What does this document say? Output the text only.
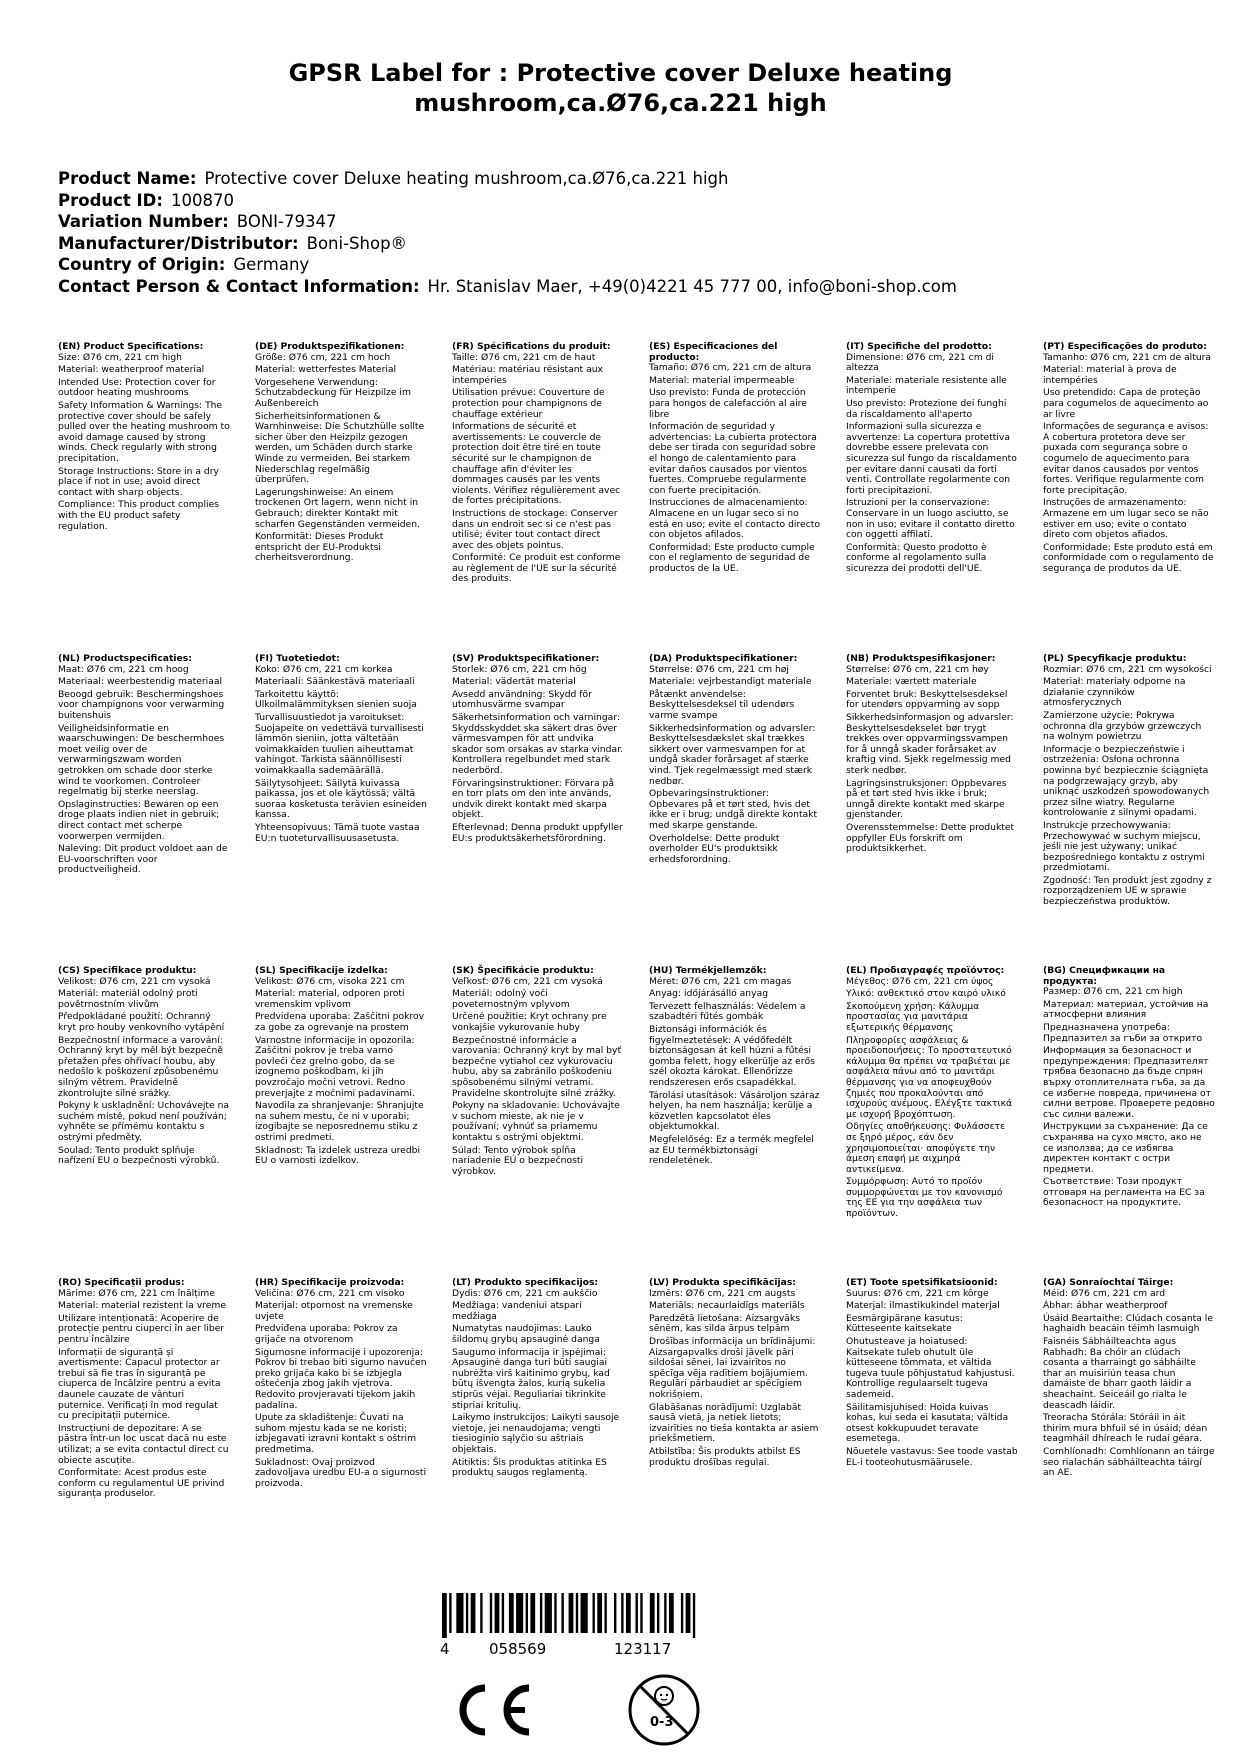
GPSR Label for : Protective cover Deluxe heating
mushroom,ca.Ø76,ca.221 high
Product Name: Protective cover Deluxe heating mushroom,ca.Ø76,ca.221 high
Product ID: 100870
Variation Number: BONI-79347
Manufacturer/Distributor: Boni-Shop®
Country of Origin: Germany
Contact Person & Contact Information: Hr. Stanislav Maer, +49(0)4221 45 777 00, info@boni-shop.com
(EN) Product Specifications:

Size: Ø76 cm, 221 cm high

Material: weatherproof material

Intended Use: Protection cover for outdoor heating mushrooms

Safety Information & Warnings: The protective cover should be safely pulled over the heating mushroom to avoid damage caused by strong winds. Check regularly with strong precipitation.

Storage Instructions: Store in a dry place if not in use; avoid direct contact with sharp objects.

Compliance: This product complies with the EU product safety regulation.

(DE) Produktspezifikationen:

Größe: Ø76 cm, 221 cm hoch

Material: wetterfestes Material

Vorgesehene Verwendung: Schutzabdeckung für Heizpilze im Außenbereich

Sicherheitsinformationen & Warnhinweise: Die Schutzhülle sollte sicher über den Heizpilz gezogen werden, um Schäden durch starke Winde zu vermeiden. Bei starkem Niederschlag regelmäßig überprüfen.

Lagerungshinweise: An einem trockenen Ort lagern, wenn nicht in Gebrauch; direkter Kontakt mit scharfen Gegenständen vermeiden.

Konformität: Dieses Produkt entspricht der EU-Produktsi cherheitsverordnung.

(FR) Spécifications du produit:

Taille: Ø76 cm, 221 cm de haut

Matériau: matériau résistant aux intempéries

Utilisation prévue: Couverture de protection pour champignons de chauffage extérieur

Informations de sécurité et avertissements: Le couvercle de protection doit être tiré en toute sécurité sur le champignon de chauffage afin d'éviter les dommages causés par les vents violents. Vérifiez régulièrement avec de fortes précipitations.

Instructions de stockage: Conserver dans un endroit sec si ce n'est pas utilisé; éviter tout contact direct avec des objets pointus.

Conformité: Ce produit est conforme au règlement de l'UE sur la sécurité des produits.

(ES) Especificaciones del producto:

Tamaño: Ø76 cm, 221 cm de altura

Material: material impermeable

Uso previsto: Funda de protección para hongos de calefacción al aire libre

Información de seguridad y advertencias: La cubierta protectora debe ser tirada con seguridad sobre el hongo de calentamiento para evitar daños causados por vientos fuertes. Compruebe regularmente con fuerte precipitación.

Instrucciones de almacenamiento: Almacene en un lugar seco si no está en uso; evite el contacto directo con objetos afilados.

Conformidad: Este producto cumple con el reglamento de seguridad de productos de la UE.

(IT) Specifiche del prodotto:

Dimensione: Ø76 cm, 221 cm di altezza

Materiale: materiale resistente alle intemperie

Uso previsto: Protezione dei funghi da riscaldamento all'aperto

Informazioni sulla sicurezza e avvertenze: La copertura protettiva dovrebbe essere prelevata con sicurezza sul fungo da riscaldamento per evitare danni causati da forti venti. Controllate regolarmente con forti precipitazioni.

Istruzioni per la conservazione: Conservare in un luogo asciutto, se non in uso; evitare il contatto diretto con oggetti affilati.

Conformità: Questo prodotto è conforme al regolamento sulla sicurezza dei prodotti dell'UE.

(PT) Especificações do produto:

Tamanho: Ø76 cm, 221 cm de altura

Material: material à prova de intempéries

Uso pretendido: Capa de proteção para cogumelos de aquecimento ao ar livre

Informações de segurança e avisos: A cobertura protetora deve ser puxada com segurança sobre o cogumelo de aquecimento para evitar danos causados por ventos fortes. Verifique regularmente com forte precipitação.

Instruções de armazenamento: Armazene em um lugar seco se não estiver em uso; evite o contato direto com objetos afiados.

Conformidade: Este produto está em conformidade com o regulamento de segurança de produtos da UE.

(NL) Productspecificaties:

Maat: Ø76 cm, 221 cm hoog

Materiaal: weerbestendig materiaal

Beoogd gebruik: Beschermingshoes voor champignons voor verwarming buitenshuis

Veiligheidsinformatie en waarschuwingen: De beschermhoes moet veilig over de verwarmingszwam worden getrokken om schade door sterke wind te voorkomen. Controleer regelmatig bij sterke neerslag.

Opslaginstructies: Bewaren op een droge plaats indien niet in gebruik; direct contact met scherpe voorwerpen vermijden.

Naleving: Dit product voldoet aan de EU-voorschriften voor productveiligheid.

(FI) Tuotetiedot:

Koko: Ø76 cm, 221 cm korkea

Materiaali: Säänkestävä materiaali

Tarkoitettu käyttö: Ulkoilmalämmityksen sienien suoja

Turvallisuustiedot ja varoitukset: Suojapeite on vedettävä turvallisesti lämmön sieniin, jotta vältetään voimakkaiden tuulien aiheuttamat vahingot. Tarkista säännöllisesti voimakkaalla sademäärällä.

Säilytysohjeet: Säilytä kuivassa paikassa, jos et ole käytössä; vältä suoraa kosketusta terävien esineiden kanssa.

Yhteensopivuus: Tämä tuote vastaa EU:n tuoteturvallisuusasetusta.

(SV) Produktspecifikationer:

Storlek: Ø76 cm, 221 cm hög

Material: vädertät material

Avsedd användning: Skydd för utomhusvärme svampar

Säkerhetsinformation och varningar: Skyddsskyddet ska säkert dras över värmesvampen för att undvika skador som orsakas av starka vindar. Kontrollera regelbundet med stark nederbörd.

Förvaringsinstruktioner: Förvara på en torr plats om den inte används, undvik direkt kontakt med skarpa objekt.

Efterlevnad: Denna produkt uppfyller EU:s produktsäkerhetsförordning.

(DA) Produktspecifikationer:

Størrelse: Ø76 cm, 221 cm høj

Materiale: vejrbestandigt materiale

Påtænkt anvendelse: Beskyttelsesdeksel til udendørs varme svampe

Sikkerhedsinformation og advarsler: Beskyttelsesdækslet skal trækkes sikkert over varmesvampen for at undgå skader forårsaget af stærke vind. Tjek regelmæssigt med stærk nedbør.

Opbevaringsinstruktioner: Opbevares på et tørt sted, hvis det ikke er i brug; undgå direkte kontakt med skarpe genstande.

Overholdelse: Dette produkt overholder EU's produktsikk erhedsforordning.

(NB) Produktspesifikasjoner:

Størrelse: Ø76 cm, 221 cm høy

Materiale: værtett materiale

Forventet bruk: Beskyttelsesdeksel for utendørs oppvarming av sopp

Sikkerhedsinformasjon og advarsler: Beskyttelsesdekselet bør trygt trekkes over oppvarmingssvampen for å unngå skader forårsaket av kraftig vind. Sjekk regelmessig med sterk nedbør.

Lagringsinstruksjoner: Oppbevares på et tørt sted hvis ikke i bruk; unngå direkte kontakt med skarpe gjenstander.

Overensstemmelse: Dette produktet oppfyller EUs forskrift om produktsikkerhet.

(PL) Specyfikacje produktu:

Rozmiar: Ø76 cm, 221 cm wysokości

Materiał: materiały odporne na działanie czynników atmosferycznych

Zamierzone użycie: Pokrywa ochronna dla grzybów grzewczych na wolnym powietrzu

Informacje o bezpieczeństwie i ostrzeżenia: Osłona ochronna powinna być bezpiecznie ściągnięta na podgrzewający grzyb, aby uniknąć uszkodzeń spowodowanych przez silne wiatry. Regularne kontrolowanie z silnymi opadami.

Instrukcje przechowywania: Przechowywać w suchym miejscu, jeśli nie jest używany; unikać bezpośredniego kontaktu z ostrymi przedmiotami.

Zgodność: Ten produkt jest zgodny z rozporządzeniem UE w sprawie bezpieczeństwa produktów.

(CS) Specifikace produktu:

Velikost: Ø76 cm, 221 cm vysoká

Materiál: materiál odolný proti povětrnostním vlivům

Předpokládané použití: Ochranný kryt pro houby venkovního vytápění

Bezpečnostní informace a varování: Ochranný kryt by měl být bezpečně přetažen přes ohřívací houbu, aby nedošlo k poškození způsobenému silným větrem. Pravidelně zkontrolujte silné srážky.

Pokyny k uskladnění: Uchovávejte na suchém místě, pokud není používán; vyhněte se přímému kontaktu s ostrými předměty.

Soulad: Tento produkt splňuje nařízení EU o bezpečnosti výrobků.

(SL) Specifikacije izdelka:

Velikost: Ø76 cm, visoka 221 cm

Material: material, odporen proti vremenskim vplivom

Predvidena uporaba: Zaščitni pokrov za gobe za ogrevanje na prostem

Varnostne informacije in opozorila: Zaščitni pokrov je treba varno povleči čez grelno gobo, da se izognemo poškodbam, ki jih povzročajo močni vetrovi. Redno preverjajte z močnimi padavinami.

Navodila za shranjevanje: Shranjujte na suhem mestu, če ni v uporabi; izogibajte se neposrednemu stiku z ostrimi predmeti.

Skladnost: Ta izdelek ustreza uredbi EU o varnosti izdelkov.

(SK) Špecifikácie produktu:

Veľkosť: Ø76 cm, 221 cm vysoká

Materiál: odolný voči poveternostným vplyvom

Určené použitie: Kryt ochrany pre vonkajšie vykurovanie huby

Bezpečnostné informácie a varovania: Ochranný kryt by mal byť bezpečne vytiahol cez vykurovaciu hubu, aby sa zabránilo poškodeniu spôsobenému silnými vetrami. Pravidelne skontrolujte silné zrážky.

Pokyny na skladovanie: Uchovávajte v suchom mieste, ak nie je v používaní; vyhnúť sa priamemu kontaktu s ostrými objektmi.

Súlad: Tento výrobok spĺňa nariadenie EÚ o bezpečnosti výrobkov.

(HU) Termékjellemzők:

Méret: Ø76 cm, 221 cm magas

Anyag: időjárásálló anyag

Tervezett felhasználás: Védelem a szabadtéri fűtés gombák

Biztonsági információk és figyelmeztetések: A védőfedélt biztonságosan át kell húzni a fűtési gomba felett, hogy elkerülje az erős szél okozta károkat. Ellenőrizze rendszeresen erős csapadékkal.

Tárolási utasítások: Vásároljon száraz helyen, ha nem használja; kerülje a közvetlen kapcsolatot éles objektumokkal.

Megfelelőség: Ez a termék megfelel az EU termékbiztonsági rendeletének.

(EL) Προδιαγραφές προϊόντος:

Μέγεθος: Ø76 cm, 221 cm ύψος

Υλικό: ανθεκτικό στον καιρό υλικό

Σκοπούμενη χρήση: Κάλυμμα προστασίας για μανιτάρια εξωτερικής θέρμανσης

Πληροφορίες ασφάλειας & προειδοποιήσεις: Το προστατευτικό κάλυμμα θα πρέπει να τραβιέται με ασφάλεια πάνω από το μανιτάρι θέρμανσης για να αποφευχθούν ζημιές που προκαλούνται από ισχυρούς ανέμους. Ελέγξτε τακτικά με ισχυρή βροχόπτωση.

Οδηγίες αποθήκευσης: Φυλάσσετε σε ξηρό μέρος, εάν δεν χρησιμοποιείται· αποφύγετε την άμεση επαφή με αιχμηρά αντικείμενα.

Συμμόρφωση: Αυτό το προϊόν συμμορφώνεται με τον κανονισμό της ΕΕ για την ασφάλεια των προϊόντων.

(BG) Спецификации на продукта:

Размер: Ø76 cm, 221 cm high

Материал: материал, устойчив на атмосферни влияния

Предназначена употреба: Предпазител за гъби за открито

Информация за безопасност и предупреждения: Предпазителят трябва безопасно да бъде спрян върху отоплителната гъба, за да се избегне повреда, причинена от силни ветрове. Проверете редовно със силни валежи.

Инструкции за съхранение: Да се съхранява на сухо място, ако не се използва; да се избягва директен контакт с остри предмети.

Съответствие: Този продукт отговаря на регламента на ЕС за безопасност на продуктите.

(RO) Specificații produs:

Mărime: Ø76 cm, 221 cm înălțime

Material: material rezistent la vreme

Utilizare intenționată: Acoperire de protecție pentru ciuperci în aer liber pentru încălzire

Informații de siguranță și avertismente: Capacul protector ar trebui să fie tras în siguranță pe ciuperca de încălzire pentru a evita daunele cauzate de vânturi puternice. Verificați în mod regulat cu precipitații puternice.

Instrucțiuni de depozitare: A se păstra într-un loc uscat dacă nu este utilizat; a se evita contactul direct cu obiecte ascuțite.

Conformitate: Acest produs este conform cu regulamentul UE privind siguranța produselor.

(HR) Specifikacije proizvoda:

Veličina: Ø76 cm, 221 cm visoko

Materijal: otpornost na vremenske uvjete

Predviđena uporaba: Pokrov za grijače na otvorenom

Sigurnosne informacije i upozorenja: Pokrov bi trebao biti sigurno navučen preko grijača kako bi se izbjegla oštećenja zbog jakih vjetrova. Redovito provjeravati tijekom jakih padalina.

Upute za skladištenje: Čuvati na suhom mjestu kada se ne koristi; izbjegavati izravni kontakt s oštrim predmetima.

Sukladnost: Ovaj proizvod zadovoljava uredbu EU-a o sigurnosti proizvoda.

(LT) Produkto specifikacijos:

Dydis: Ø76 cm, 221 cm aukščio

Medžiaga: vandeniui atspari medžiaga

Numatytas naudojimas: Lauko šildomų grybų apsauginė danga

Saugumo informacija ir įspėjimai: Apsauginė danga turi būti saugiai nubrėžta virš kaitinimo grybų, kad būtų išvengta žalos, kurią sukelia stiprūs vėjai. Reguliariai tikrinkite stipriai kritulių.

Laikymo instrukcijos: Laikyti sausoje vietoje, jei nenaudojama; vengti tiesioginio sąlyčio su aštriais objektais.

Atitiktis: Šis produktas atitinka ES produktų saugos reglamentą.

(LV) Produkta specifikācijas:

Izmērs: Ø76 cm, 221 cm augsts

Materiāls: necaurlaidīgs materiāls

Paredzētā lietošana: Aizsargvāks sēnēm, kas silda ārpus telpām

Drošības informācija un brīdinājumi: Aizsargapvalks droši jāvelk pāri sildošai sēnei, lai izvairītos no spēcīga vēja radītiem bojājumiem. Regulāri pārbaudiet ar spēcīgiem nokrišņiem.

Glabāšanas norādījumi: Uzglabāt sausā vietā, ja netiek lietots; izvairīties no tieša kontakta ar asiem priekšmetiem.

Atbilstība: Šis produkts atbilst ES produktu drošības regulai.

(ET) Toote spetsifikatsioonid:

Suurus: Ø76 cm, 221 cm kõrge

Materjal: ilmastikukindel materjal

Eesmärgipärane kasutus: Kütteseente kaitsekate

Ohutusteave ja hoiatused: Kaitsekate tuleb ohutult üle kütteseene tõmmata, et vältida tugeva tuule põhjustatud kahjustusi. Kontrollige regulaarselt tugeva sademeid.

Säilitamisjuhised: Hoida kuivas kohas, kui seda ei kasutata; vältida otsest kokkupuudet teravate esemetega.

Nõuetele vastavus: See toode vastab EL-i tooteohutusmäärusele.

(GA) Sonraíochtaí Táirge:

Méid: Ø76 cm, 221 cm ard

Ábhar: ábhar weatherproof

Úsáid Beartaithe: Clúdach cosanta le haghaidh beacáin téimh lasmuigh

Faisnéis Sábháilteachta agus Rabhadh: Ba chóir an clúdach cosanta a tharraingt go sábháilte thar an muisiriún teasa chun damáiste de bharr gaoth láidir a sheachaint. Seiceáil go rialta le deascadh láidir.

Treoracha Stórála: Stóráil in áit thirim mura bhfuil sé in úsáid; déan teagmháil dhíreach le rudaí géara.

Comhlíonadh: Comhlíonann an táirge seo rialachán sábháilteachta táirgí an AE.

4	058569	123117
0-3
